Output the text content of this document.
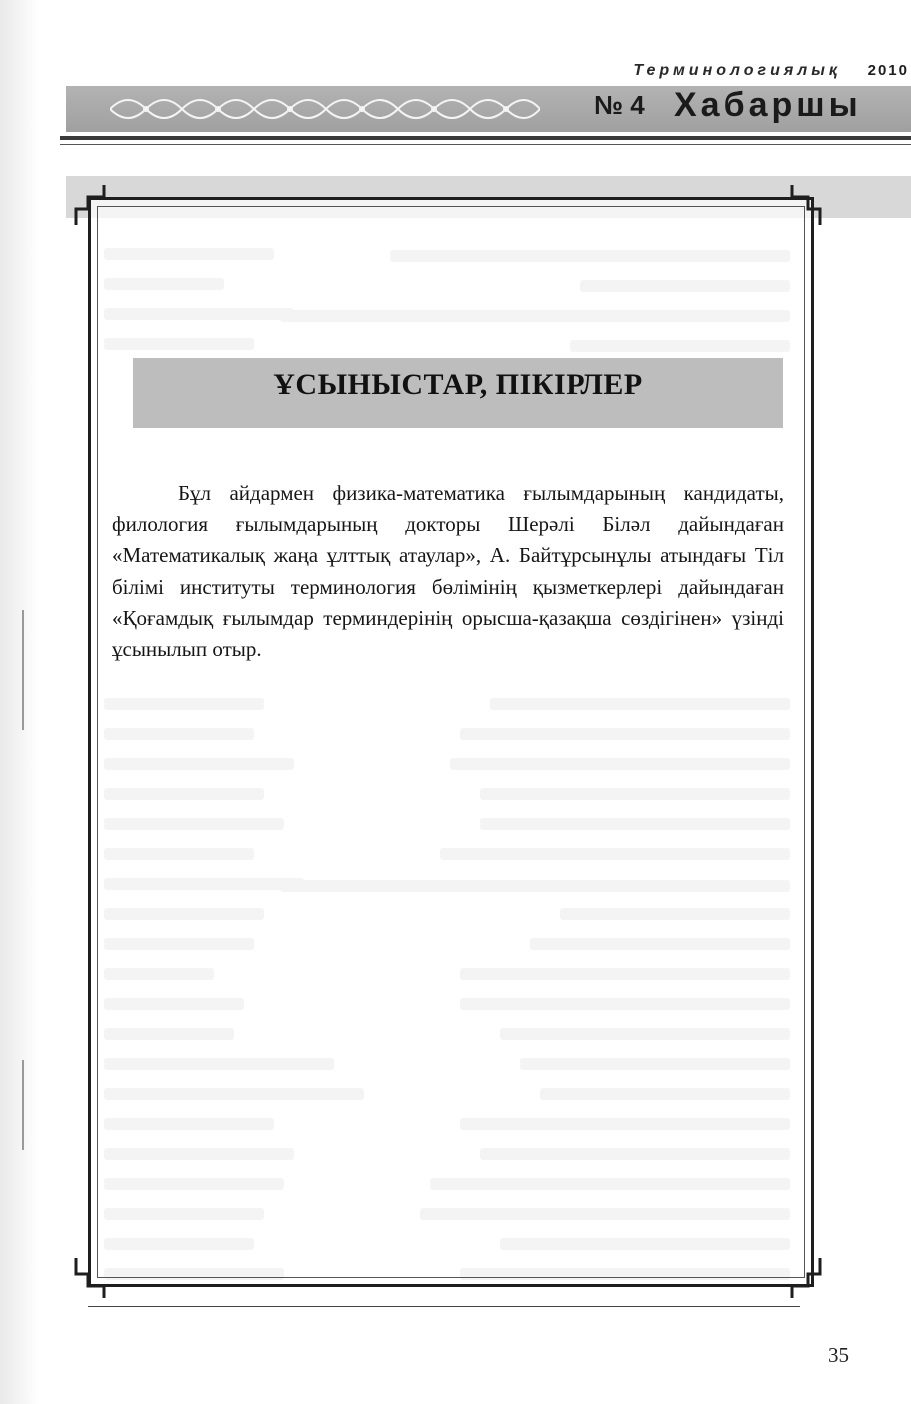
Терминологиялық 2010
№ 4 Хабаршы
ҰСЫНЫСТАР, ПІКІРЛЕР

Бұл айдармен физика-математика ғылымдарының кандидаты, филология ғылымдарының докторы Шерәлі Біләл дайындаған «Математикалық жаңа ұлттық атаулар», А. Байтұрсынұлы атындағы Тіл білімі институты терминология бөлімінің қызметкерлері дайындаған «Қоғамдық ғылымдар терминдерінің орысша-қазақша сөздігінен» үзінді ұсынылып отыр.

35
